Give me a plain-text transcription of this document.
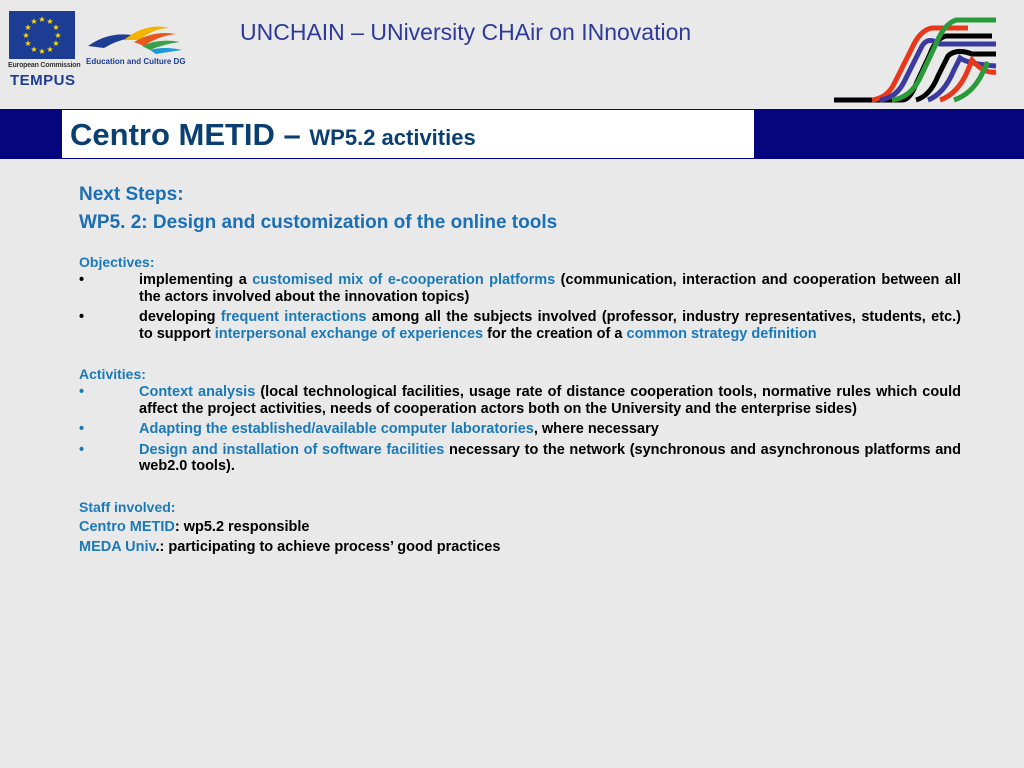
★ ★
★
★
★
★
★
★
★
★
★
★
European Commission
TEMPUS
Education and Culture DG
UNCHAIN – UNiversity CHAir on INnovation
Centro METID – WP5.2 activities
Next Steps:
WP5. 2: Design and customization of the online tools
Objectives:
•	implementing a customised mix of e-cooperation platforms (communication, interaction and cooperation between all the actors involved about the innovation topics)
•	developing frequent interactions among all the subjects involved (professor, industry representatives, students, etc.) to support interpersonal exchange of experiences for the creation of a common strategy definition
Activities:
•	Context analysis (local technological facilities, usage rate of distance cooperation tools, normative rules which could affect the project activities, needs of cooperation actors both on the University and the enterprise sides)
•	Adapting the established/available computer laboratories, where necessary
•	Design and installation of software facilities necessary to the network (synchronous and asynchronous platforms and web2.0 tools).
Staff involved:
Centro METID: wp5.2 responsible
MEDA Univ.: participating to achieve process’ good practices
